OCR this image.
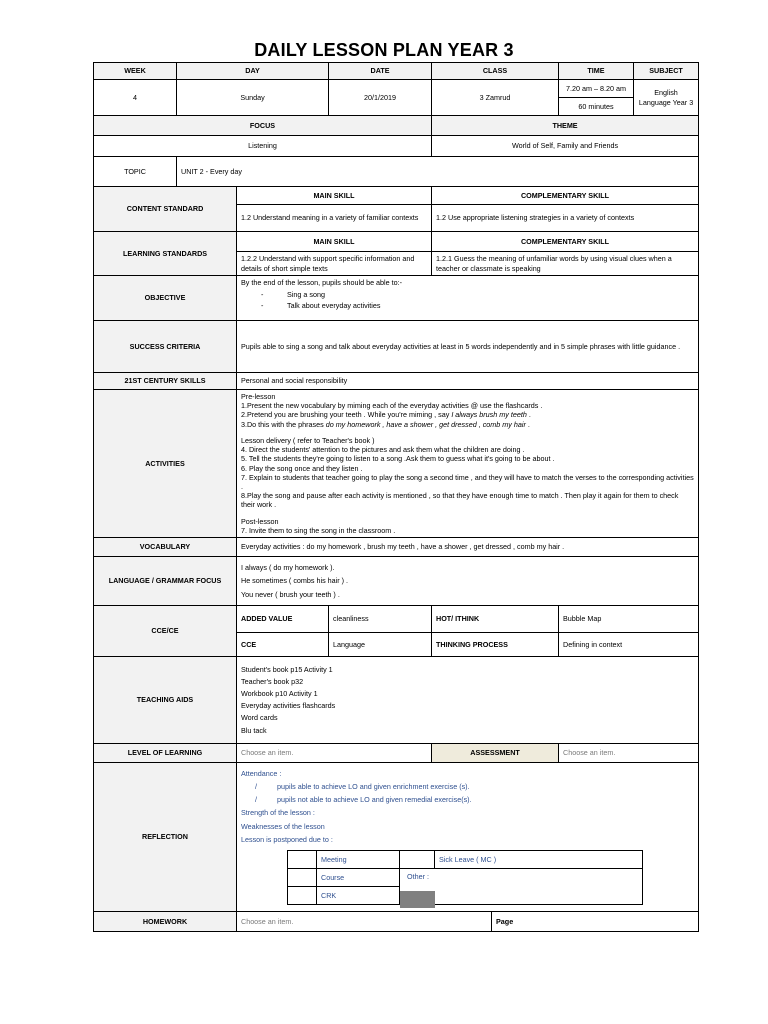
DAILY LESSON PLAN YEAR 3
WEEK	DAY	DATE	CLASS	TIME	SUBJECT
4	Sunday	20/1/2019	3 Zamrud	7.20 am – 8.20 am	English Language Year 3
60 minutes
FOCUS	THEME
Listening	World of Self, Family and Friends
TOPIC	UNIT 2 - Every day
CONTENT STANDARD	MAIN SKILL	COMPLEMENTARY SKILL
1.2 Understand meaning in a variety of familiar contexts	1.2 Use appropriate listening strategies in a variety of contexts
LEARNING STANDARDS	MAIN SKILL	COMPLEMENTARY SKILL
1.2.2 Understand with support specific information and details of short simple texts	1.2.1 Guess the meaning of unfamiliar words by using visual clues when a teacher or classmate is speaking
OBJECTIVE	
By the end of the lesson, pupils should be able to:-
-	Sing a song
-	Talk about everyday activities

SUCCESS CRITERIA	Pupils able to sing a song and talk about everyday activities at least in 5 words independently and in 5 simple phrases with little guidance .
21ST CENTURY SKILLS	Personal and social responsibility
ACTIVITIES	
Pre-lesson
1.Present the new vocabulary by miming each of the everyday activities @ use the flashcards .
2.Pretend you are brushing your teeth . While you're miming , say I always brush my teeth .
3.Do this with the phrases do my homework , have a shower , get dressed , comb my hair .
Lesson delivery ( refer to Teacher's book )
4. Direct the students' attention to the pictures and ask them what the children are doing .
5. Tell the students they're going to listen to a song .Ask them to guess what it's going to be about .
6. Play the song once and they listen .
7. Explain to students that teacher going to play the song a second time , and they will have to match the verses to the corresponding activities .
8.Play the song and pause after each activity is mentioned , so that they have enough time to match . Then play it again for them to check their work .
Post-lesson
7. Invite them to sing the song in the classroom .

VOCABULARY	Everyday activities : do my homework , brush my teeth , have a shower , get dressed , comb my hair .
LANGUAGE / GRAMMAR FOCUS	
I always ( do my homework ).
He sometimes ( combs his hair ) .
You never ( brush your teeth ) .

CCE/CE	ADDED VALUE	cleanliness	HOT/ ITHINK	Bubble Map
CCE	Language	THINKING PROCESS	Defining in context
TEACHING AIDS	
Student's book p15 Activity 1
Teacher's book p32
Workbook p10 Activity 1
Everyday activities flashcards
Word cards
Blu tack

LEVEL OF LEARNING	Choose an item.	ASSESSMENT	Choose an item.
REFLECTION	
Attendance :
/	pupils able to achieve LO and given enrichment exercise (s).
/	pupils not able to achieve LO and given remedial exercise(s).
Strength of the lesson :
Weaknesses of the lesson
Lesson is postponed due to :
	Meeting		Sick Leave ( MC )
	Course	Other :
	CRK

HOMEWORK	Choose an item.	Page
